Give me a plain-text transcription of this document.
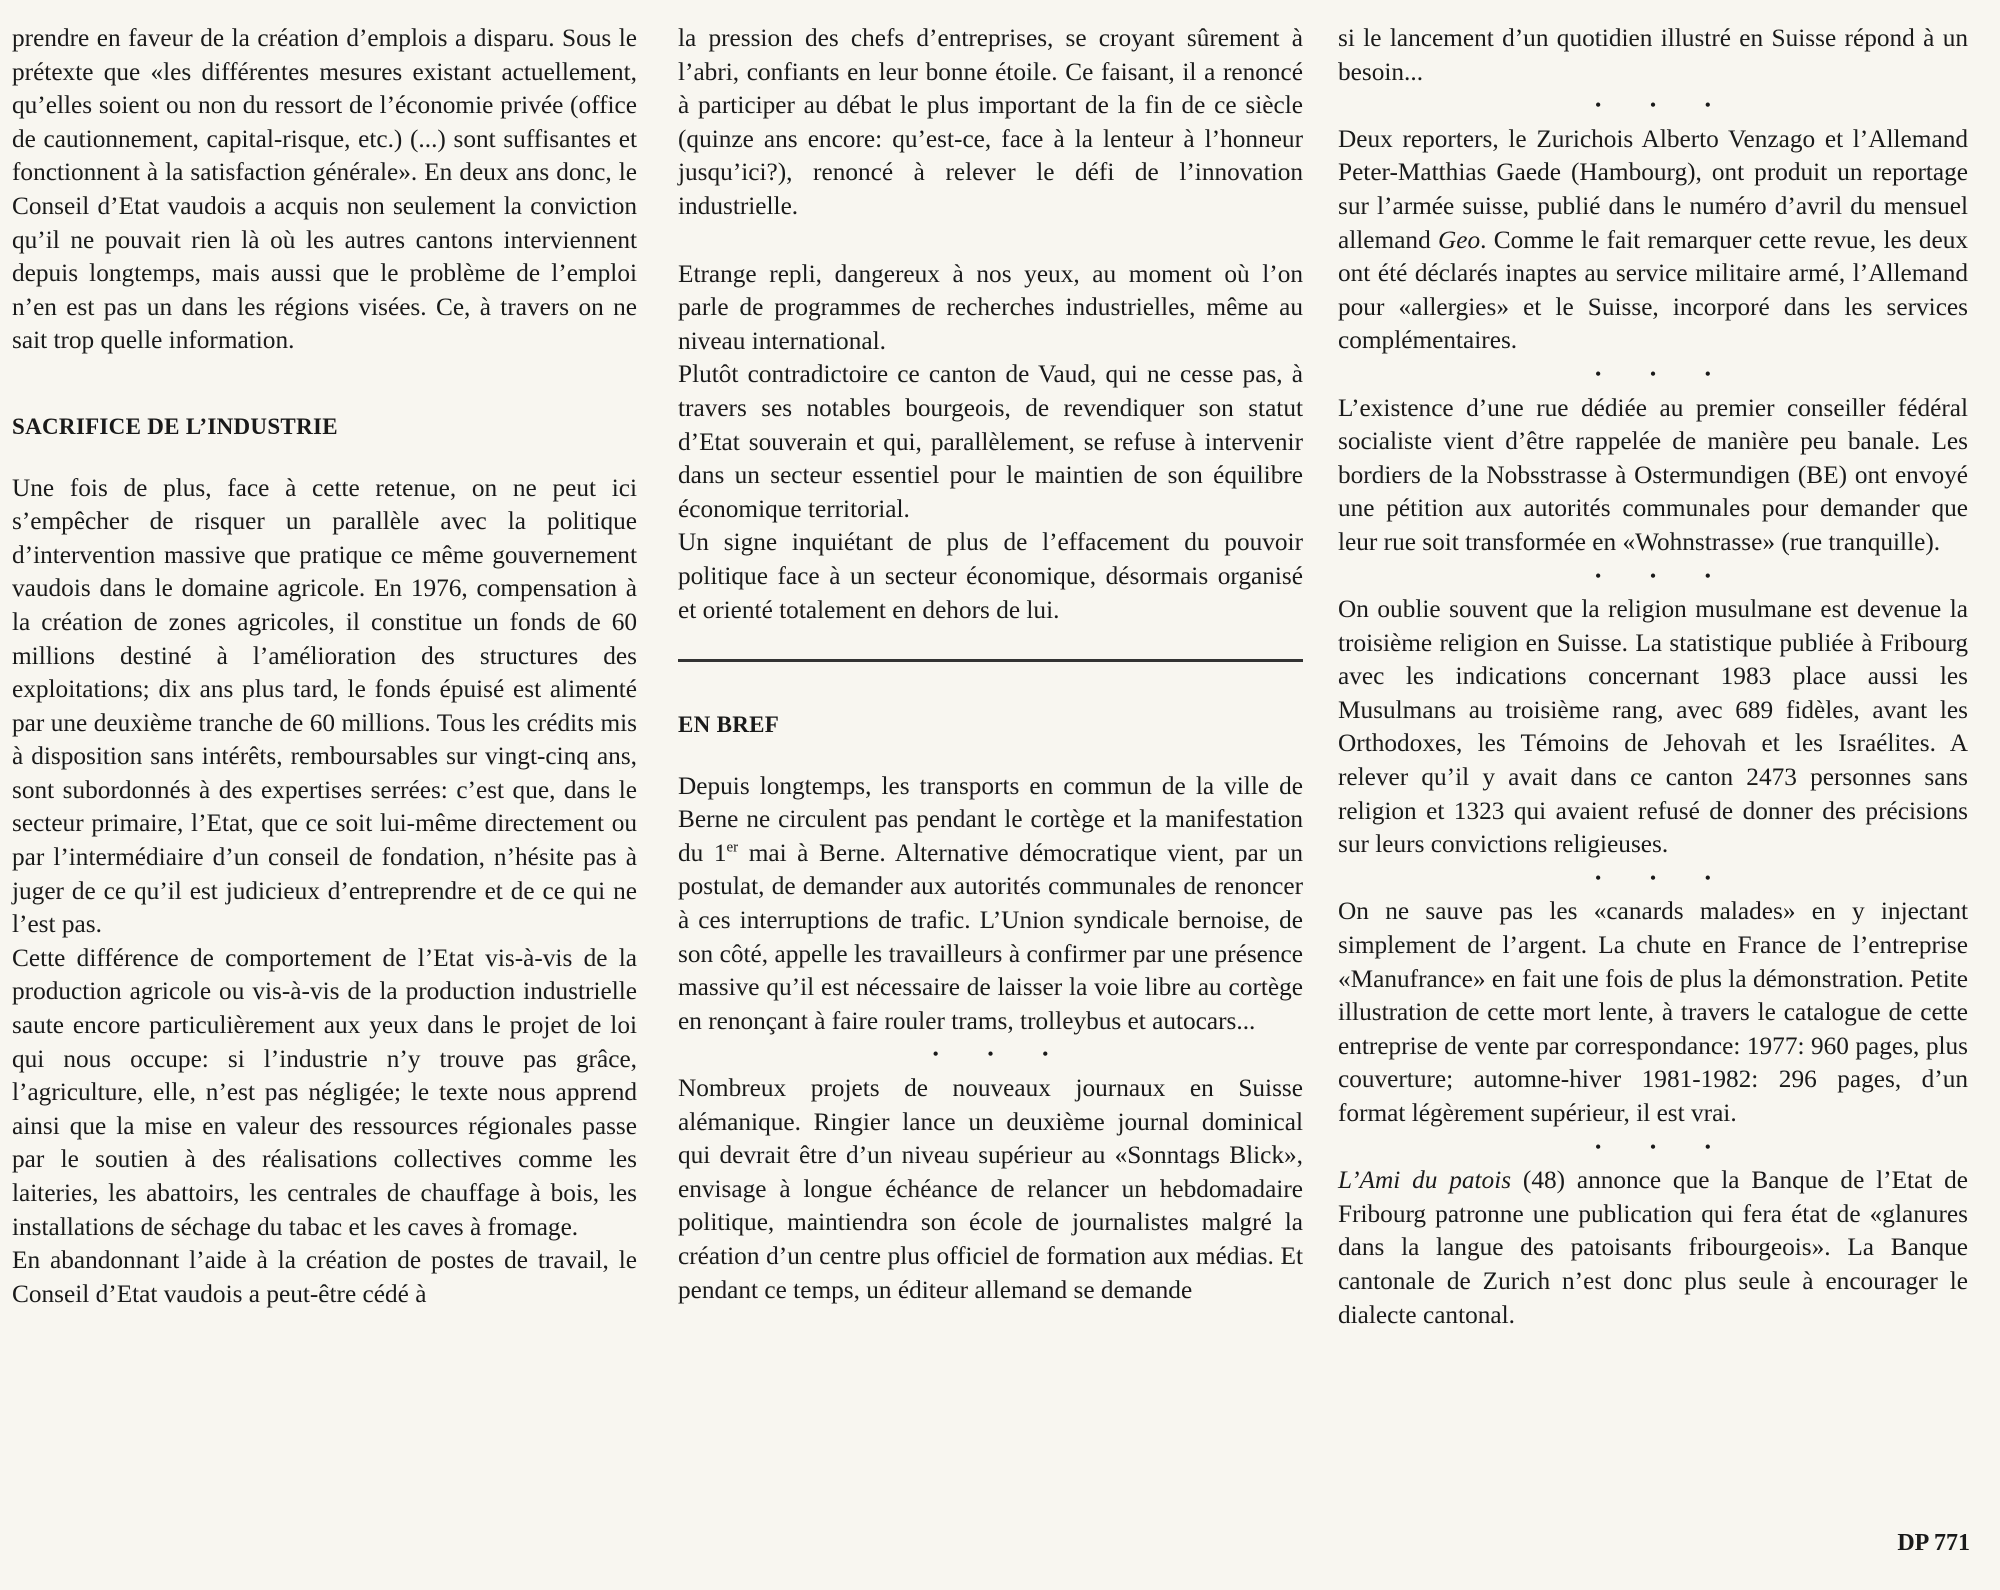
prendre en faveur de la création d’emplois a disparu. Sous le prétexte que «les différentes mesures existant actuellement, qu’elles soient ou non du ressort de l’économie privée (office de cautionnement, capital-risque, etc.) (...) sont suffisantes et fonctionnent à la satisfaction générale». En deux ans donc, le Conseil d’Etat vaudois a acquis non seulement la conviction qu’il ne pouvait rien là où les autres cantons interviennent depuis longtemps, mais aussi que le problème de l’emploi n’en est pas un dans les régions visées. Ce, à travers on ne sait trop quelle information.

SACRIFICE DE L’INDUSTRIE

Une fois de plus, face à cette retenue, on ne peut ici s’empêcher de risquer un parallèle avec la politique d’intervention massive que pratique ce même gouvernement vaudois dans le domaine agricole. En 1976, compensation à la création de zones agricoles, il constitue un fonds de 60 millions destiné à l’amélioration des structures des exploitations; dix ans plus tard, le fonds épuisé est alimenté par une deuxième tranche de 60 millions. Tous les crédits mis à disposition sans intérêts, remboursables sur vingt-cinq ans, sont subordonnés à des expertises serrées: c’est que, dans le secteur primaire, l’Etat, que ce soit lui-même directement ou par l’intermédiaire d’un conseil de fondation, n’hésite pas à juger de ce qu’il est judicieux d’entreprendre et de ce qui ne l’est pas.

Cette différence de comportement de l’Etat vis-à-vis de la production agricole ou vis-à-vis de la production industrielle saute encore particulièrement aux yeux dans le projet de loi qui nous occupe: si l’industrie n’y trouve pas grâce, l’agriculture, elle, n’est pas négligée; le texte nous apprend ainsi que la mise en valeur des ressources régionales passe par le soutien à des réalisations collectives comme les laiteries, les abattoirs, les centrales de chauffage à bois, les installations de séchage du tabac et les caves à fromage.

En abandonnant l’aide à la création de postes de travail, le Conseil d’Etat vaudois a peut-être cédé à

la pression des chefs d’entreprises, se croyant sûrement à l’abri, confiants en leur bonne étoile. Ce faisant, il a renoncé à participer au débat le plus important de la fin de ce siècle (quinze ans encore: qu’est-ce, face à la lenteur à l’honneur jusqu’ici?), renoncé à relever le défi de l’innovation industrielle.

Etrange repli, dangereux à nos yeux, au moment où l’on parle de programmes de recherches industrielles, même au niveau international.

Plutôt contradictoire ce canton de Vaud, qui ne cesse pas, à travers ses notables bourgeois, de revendiquer son statut d’Etat souverain et qui, parallèlement, se refuse à intervenir dans un secteur essentiel pour le maintien de son équilibre économique territorial.

Un signe inquiétant de plus de l’effacement du pouvoir politique face à un secteur économique, désormais organisé et orienté totalement en dehors de lui.

EN BREF

Depuis longtemps, les transports en commun de la ville de Berne ne circulent pas pendant le cortège et la manifestation du 1er mai à Berne. Alternative démocratique vient, par un postulat, de demander aux autorités communales de renoncer à ces interruptions de trafic. L’Union syndicale bernoise, de son côté, appelle les travailleurs à confirmer par une présence massive qu’il est nécessaire de laisser la voie libre au cortège en renonçant à faire rouler trams, trolleybus et autocars...

• • •

Nombreux projets de nouveaux journaux en Suisse alémanique. Ringier lance un deuxième journal dominical qui devrait être d’un niveau supérieur au «Sonntags Blick», envisage à longue échéance de relancer un hebdomadaire politique, maintiendra son école de journalistes malgré la création d’un centre plus officiel de formation aux médias. Et pendant ce temps, un éditeur allemand se demande

si le lancement d’un quotidien illustré en Suisse répond à un besoin...

• • •

Deux reporters, le Zurichois Alberto Venzago et l’Allemand Peter-Matthias Gaede (Hambourg), ont produit un reportage sur l’armée suisse, publié dans le numéro d’avril du mensuel allemand Geo. Comme le fait remarquer cette revue, les deux ont été déclarés inaptes au service militaire armé, l’Allemand pour «allergies» et le Suisse, incorporé dans les services complémentaires.

• • •

L’existence d’une rue dédiée au premier conseiller fédéral socialiste vient d’être rappelée de manière peu banale. Les bordiers de la Nobsstrasse à Ostermundigen (BE) ont envoyé une pétition aux autorités communales pour demander que leur rue soit transformée en «Wohnstrasse» (rue tranquille).

• • •

On oublie souvent que la religion musulmane est devenue la troisième religion en Suisse. La statistique publiée à Fribourg avec les indications concernant 1983 place aussi les Musulmans au troisième rang, avec 689 fidèles, avant les Orthodoxes, les Témoins de Jehovah et les Israélites. A relever qu’il y avait dans ce canton 2473 personnes sans religion et 1323 qui avaient refusé de donner des précisions sur leurs convictions religieuses.

• • •

On ne sauve pas les «canards malades» en y injectant simplement de l’argent. La chute en France de l’entreprise «Manufrance» en fait une fois de plus la démonstration. Petite illustration de cette mort lente, à travers le catalogue de cette entreprise de vente par correspondance: 1977: 960 pages, plus couverture; automne-hiver 1981-1982: 296 pages, d’un format légèrement supérieur, il est vrai.

• • •

L’Ami du patois (48) annonce que la Banque de l’Etat de Fribourg patronne une publication qui fera état de «glanures dans la langue des patoisants fribourgeois». La Banque cantonale de Zurich n’est donc plus seule à encourager le dialecte cantonal.

DP 771
